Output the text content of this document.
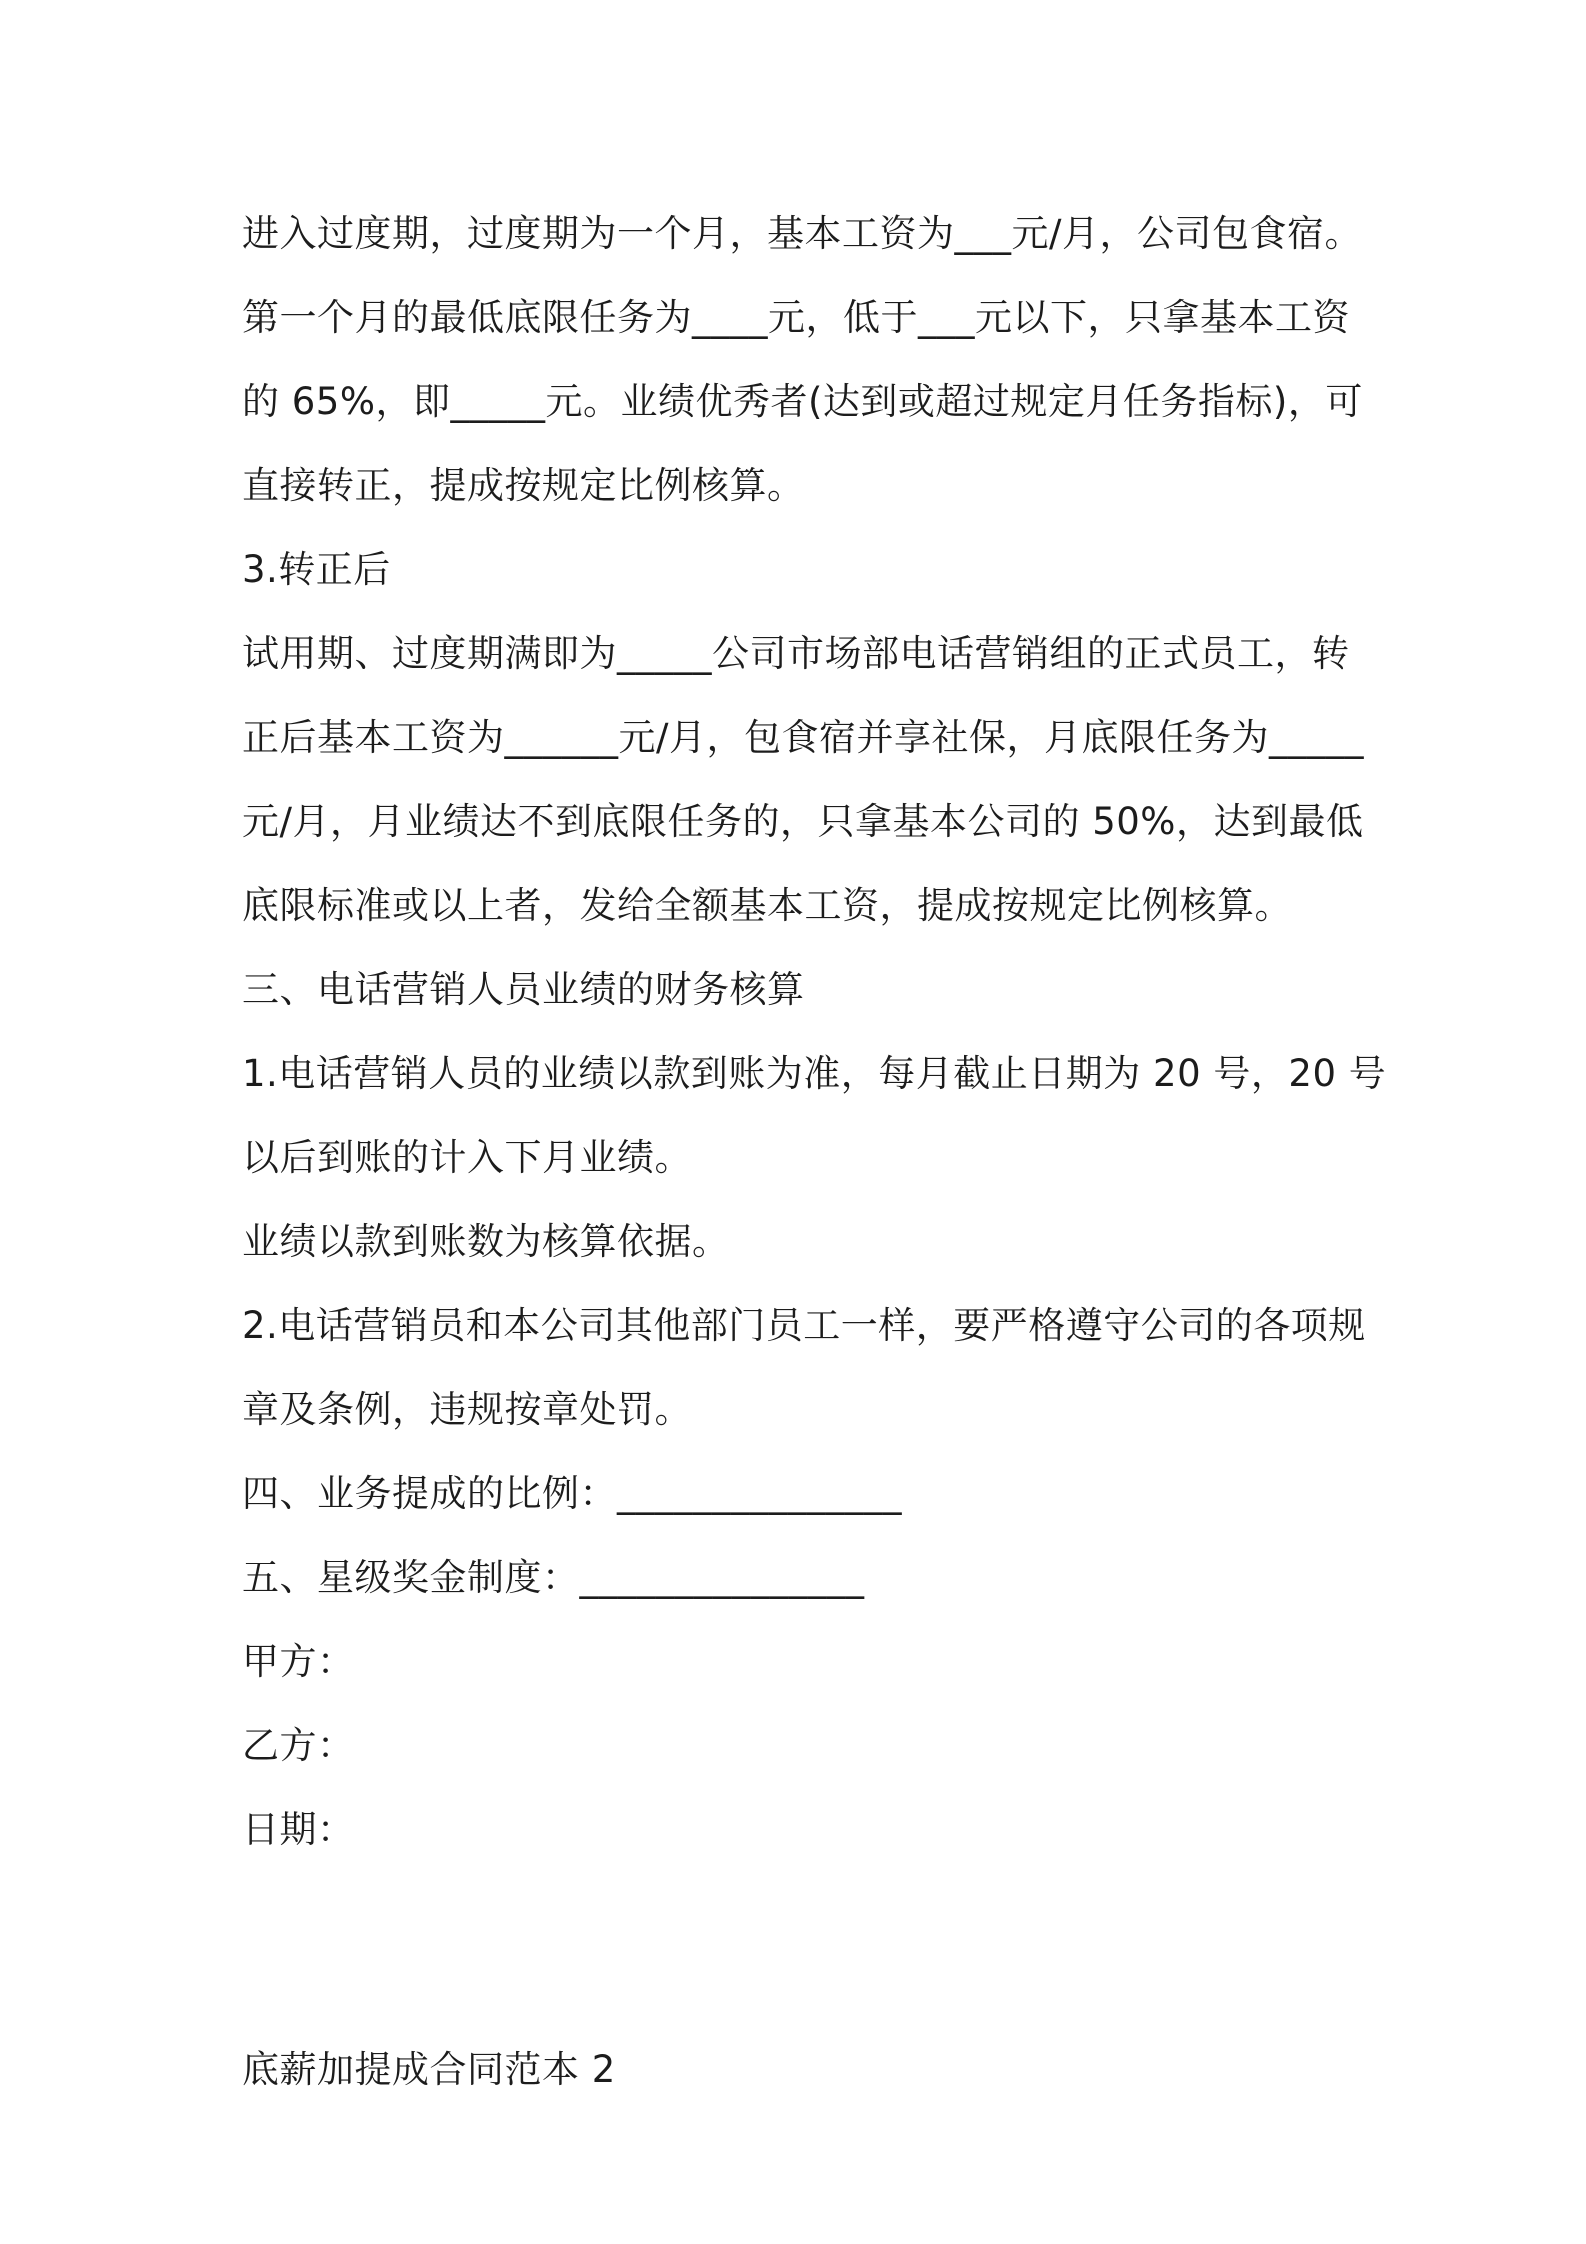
进入过度期，过度期为一个月，基本工资为___元/月，公司包食宿。
第一个月的最低底限任务为____元，低于___元以下，只拿基本工资
的 65%，即_____元。业绩优秀者(达到或超过规定月任务指标)，可
直接转正，提成按规定比例核算。
3.转正后
试用期、过度期满即为_____公司市场部电话营销组的正式员工，转
正后基本工资为______元/月，包食宿并享社保，月底限任务为_____
元/月，月业绩达不到底限任务的，只拿基本公司的 50%，达到最低
底限标准或以上者，发给全额基本工资，提成按规定比例核算。
三、电话营销人员业绩的财务核算
1.电话营销人员的业绩以款到账为准，每月截止日期为 20 号，20 号
以后到账的计入下月业绩。
业绩以款到账数为核算依据。
2.电话营销员和本公司其他部门员工一样，要严格遵守公司的各项规
章及条例，违规按章处罚。
四、业务提成的比例：_______________
五、星级奖金制度：_______________
甲方：
乙方：
日期：
底薪加提成合同范本 2
